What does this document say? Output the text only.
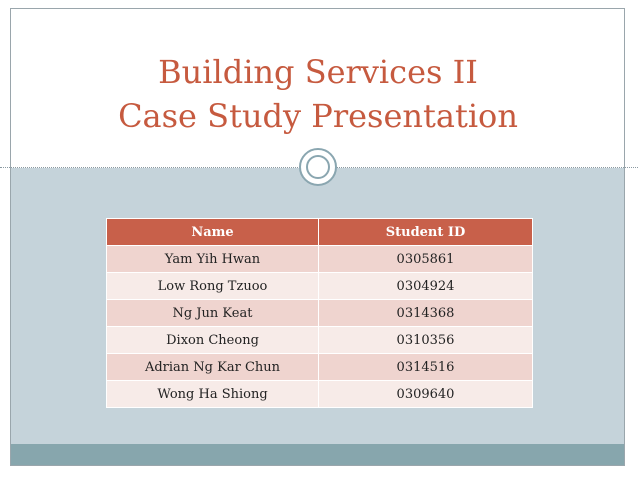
Building Services II
Case Study Presentation
Name	Student ID
Yam Yih Hwan	0305861
Low Rong Tzuoo	0304924
Ng Jun Keat	0314368
Dixon Cheong	0310356
Adrian Ng Kar Chun	0314516
Wong Ha Shiong	0309640
